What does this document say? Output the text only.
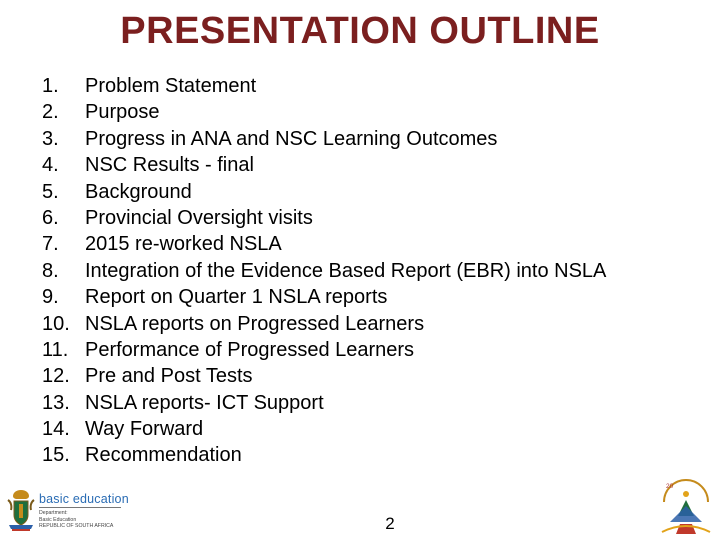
PRESENTATION OUTLINE
1. Problem Statement
2. Purpose
3. Progress in ANA and NSC Learning Outcomes
4. NSC Results - final
5. Background
6. Provincial Oversight visits
7. 2015 re-worked NSLA
8. Integration of the Evidence Based Report (EBR) into NSLA
9. Report on Quarter 1 NSLA reports
10. NSLA reports on Progressed Learners
11. Performance of Progressed Learners
12. Pre and Post Tests
13. NSLA reports- ICT Support
14. Way Forward
15. Recommendation
basic education
Department:
Basic Education
REPUBLIC OF SOUTH AFRICA	2
20
